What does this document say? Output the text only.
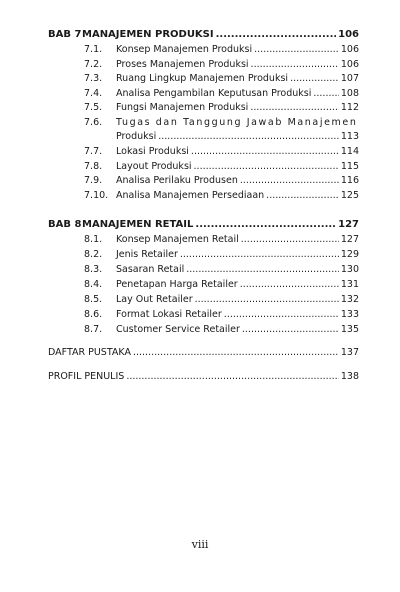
BAB 7 MANAJEMEN PRODUKSI .....	106
7.1.	Konsep Manajemen Produksi .....	106
7.2.	Proses Manajemen Produksi .....	106
7.3.	Ruang Lingkup Manajemen Produksi .....	107
7.4.	Analisa Pengambilan Keputusan Produksi .....	108
7.5.	Fungsi Manajemen Produksi .....	112
7.6.	Tugas dan Tanggung Jawab Manajemen
Produksi .....	113
7.7.	Lokasi Produksi .....	114
7.8.	Layout Produksi .....	115
7.9.	Analisa Perilaku Produsen .....	116
7.10. Analisa Manajemen Persediaan .....	125
BAB 8 MANAJEMEN RETAIL .....	127
8.1.	Konsep Manajemen Retail .....	127
8.2.	Jenis Retailer .....	129
8.3.	Sasaran Retail .....	130
8.4.	Penetapan Harga Retailer .....	131
8.5.	Lay Out Retailer .....	132
8.6.	Format Lokasi Retailer .....	133
8.7.	Customer Service Retailer .....	135
DAFTAR PUSTAKA .....	137
PROFIL PENULIS .....	138
viii
